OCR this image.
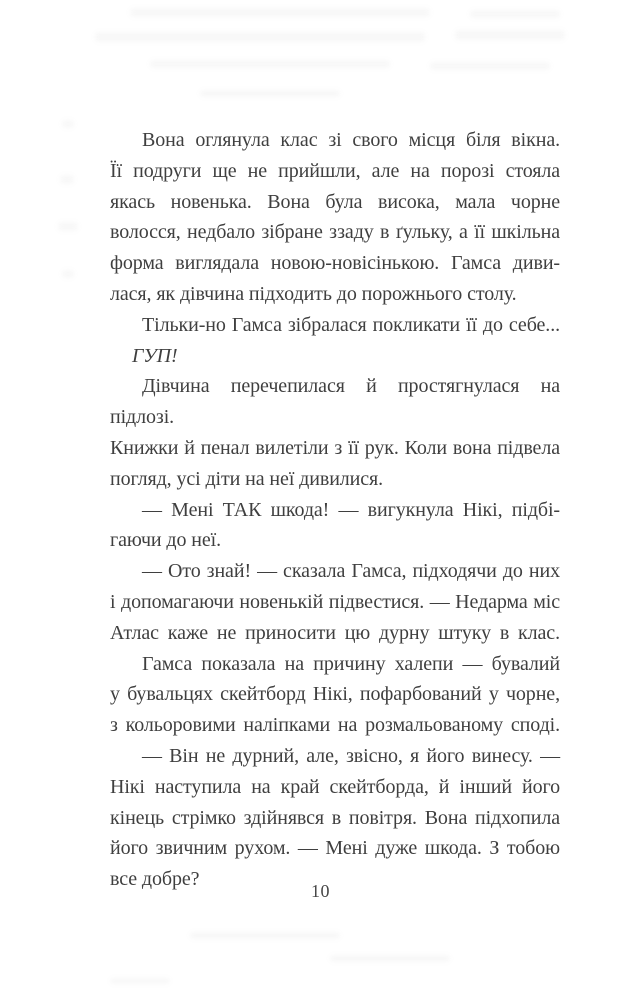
Вона оглянула клас зі свого місця біля вікна.
Її подруги ще не прийшли, але на порозі стояла
якась новенька. Вона була висока, мала чорне
волосся, недбало зібране ззаду в ґульку, а її шкільна
форма виглядала новою-новісінькою. Гамса диви-
лася, як дівчина підходить до порожнього столу.

Тільки-но Гамса зібралася покликати її до себе...

ГУП!

Дівчина перечепилася й простягнулася на підлозі.
Книжки й пенал вилетіли з її рук. Коли вона підвела
погляд, усі діти на неї дивилися.

— Мені ТАК шкода! — вигукнула Нікі, підбі-
гаючи до неї.

— Ото знай! — сказала Гамса, підходячи до них
і допомагаючи новенькій підвестися. — Недарма міс
Атлас каже не приносити цю дурну штуку в клас.

Гамса показала на причину халепи — бувалий
у бувальцях скейтборд Нікі, пофарбований у чорне,
з кольоровими наліпками на розмальованому споді.

— Він не дурний, але, звісно, я його винесу. —
Нікі наступила на край скейтборда, й інший його
кінець стрімко здійнявся в повітря. Вона підхопила
його звичним рухом. — Мені дуже шкода. З тобою
все добре?

10
